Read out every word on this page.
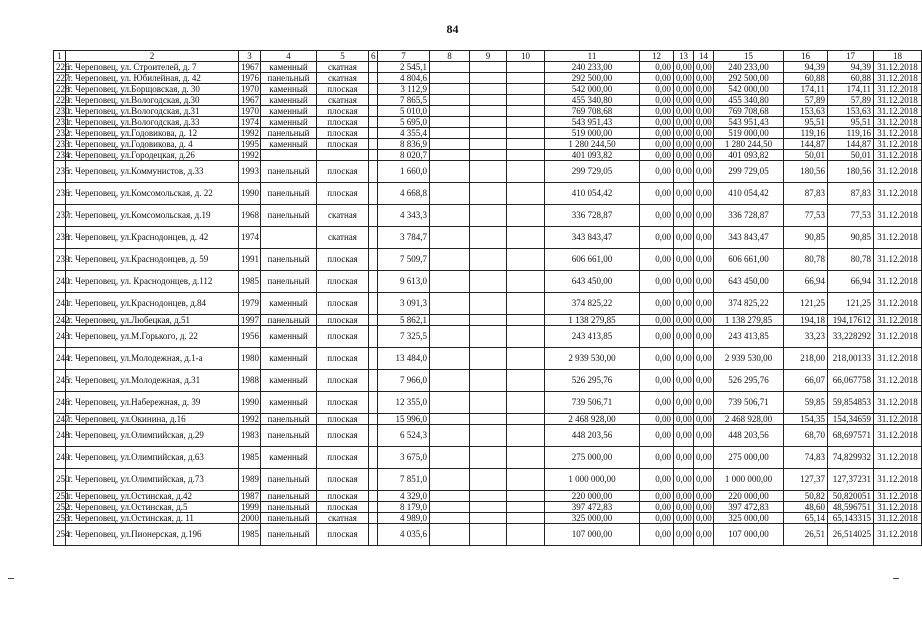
84
1	2	3	4	5	6	7	8	9	10	11	12	13	14	15	16	17	18
226	г. Череповец, ул. Строителей, д. 7	1967	каменный	скатная		2 545,1				240 233,00	0,00	0,00	0,00	240 233,00	94,39	94,39	31.12.2018
227	г. Череповец, ул. Юбилейная, д. 42	1976	панельный	скатная		4 804,6				292 500,00	0,00	0,00	0,00	292 500,00	60,88	60,88	31.12.2018
228	г. Череповец, ул.Борщовская, д. 30	1970	каменный	плоская		3 112,9				542 000,00	0,00	0,00	0,00	542 000,00	174,11	174,11	31.12.2018
229	г. Череповец, ул.Вологодская, д.30	1967	каменный	скатная		7 865,5				455 340,80	0,00	0,00	0,00	455 340,80	57,89	57,89	31.12.2018
230	г. Череповец, ул.Вологодская, д.31	1970	каменный	плоская		5 010,0				769 708,68	0,00	0,00	0,00	769 708,68	153,63	153,63	31.12.2018
231	г. Череповец, ул.Вологодская, д.33	1974	каменный	плоская		5 695,0				543 951,43	0,00	0,00	0,00	543 951,43	95,51	95,51	31.12.2018
232	г. Череповец, ул.Годовикова, д. 12	1992	панельный	плоская		4 355,4				519 000,00	0,00	0,00	0,00	519 000,00	119,16	119,16	31.12.2018
233	г. Череповец, ул.Годовикова, д. 4	1995	каменный	плоская		8 836,9				1 280 244,50	0,00	0,00	0,00	1 280 244,50	144,87	144,87	31.12.2018
234	г. Череповец, ул.Городецкая, д.26	1992				8 020,7				401 093,82	0,00	0,00	0,00	401 093,82	50,01	50,01	31.12.2018
235	г. Череповец, ул.Коммунистов, д.33	1993	панельный	плоская		1 660,0				299 729,05	0,00	0,00	0,00	299 729,05	180,56	180,56	31.12.2018
236	г. Череповец, ул.Комсомольская, д. 22	1990	панельный	плоская		4 668,8				410 054,42	0,00	0,00	0,00	410 054,42	87,83	87,83	31.12.2018
237	г. Череповец, ул.Комсомольская, д.19	1968	панельный	скатная		4 343,3				336 728,87	0,00	0,00	0,00	336 728,87	77,53	77,53	31.12.2018
238	г. Череповец, ул.Краснодонцев, д. 42	1974		скатная		3 784,7				343 843,47	0,00	0,00	0,00	343 843,47	90,85	90,85	31.12.2018
239	г. Череповец, ул.Краснодонцев, д. 59	1991	панельный	плоская		7 509,7				606 661,00	0,00	0,00	0,00	606 661,00	80,78	80,78	31.12.2018
240	г. Череповец, ул. Краснодонцев, д.112	1985	панельный	плоская		9 613,0				643 450,00	0,00	0,00	0,00	643 450,00	66,94	66,94	31.12.2018
241	г. Череповец, ул.Краснодонцев, д.84	1979	каменный	плоская		3 091,3				374 825,22	0,00	0,00	0,00	374 825,22	121,25	121,25	31.12.2018
242	г. Череповец, ул.Любецкая, д.51	1997	панельный	плоская		5 862,1				1 138 279,85	0,00	0,00	0,00	1 138 279,85	194,18	194,17612	31.12.2018
243	г. Череповец, ул.М.Горького, д. 22	1956	каменный	плоская		7 325,5				243 413,85	0,00	0,00	0,00	243 413,85	33,23	33,228292	31.12.2018
244	г. Череповец, ул.Молодежная, д.1-а	1980	каменный	плоская		13 484,0				2 939 530,00	0,00	0,00	0,00	2 939 530,00	218,00	218,00133	31.12.2018
245	г. Череповец, ул.Молодежная, д.31	1988	каменный	плоская		7 966,0				526 295,76	0,00	0,00	0,00	526 295,76	66,07	66,067758	31.12.2018
246	г. Череповец, ул.Набережная, д. 39	1990	каменный	плоская		12 355,0				739 506,71	0,00	0,00	0,00	739 506,71	59,85	59,854853	31.12.2018
247	г. Череповец, ул.Окинина, д.16	1992	панельный	плоская		15 996,0				2 468 928,00	0,00	0,00	0,00	2 468 928,00	154,35	154,34659	31.12.2018
248	г. Череповец, ул.Олимпийская, д.29	1983	панельный	плоская		6 524,3				448 203,56	0,00	0,00	0,00	448 203,56	68,70	68,697571	31.12.2018
249	г. Череповец, ул.Олимпийская, д.63	1985	каменный	плоская		3 675,0				275 000,00	0,00	0,00	0,00	275 000,00	74,83	74,829932	31.12.2018
250	г. Череповец, ул.Олимпийская, д.73	1989	панельный	плоская		7 851,0				1 000 000,00	0,00	0,00	0,00	1 000 000,00	127,37	127,37231	31.12.2018
251	г. Череповец, ул.Остинская, д.42	1987	панельный	плоская		4 329,0				220 000,00	0,00	0,00	0,00	220 000,00	50,82	50,820051	31.12.2018
252	г. Череповец, ул.Остинская, д.5	1999	панельный	плоская		8 179,0				397 472,83	0,00	0,00	0,00	397 472,83	48,60	48,596751	31.12.2018
253	г. Череповец, ул.Остинская, д. 11	2000	панельный	скатная		4 989,0				325 000,00	0,00	0,00	0,00	325 000,00	65,14	65,143315	31.12.2018
254	г. Череповец, ул.Пионерская, д.196	1985	панельный	плоская		4 035,6				107 000,00	0,00	0,00	0,00	107 000,00	26,51	26,514025	31.12.2018
